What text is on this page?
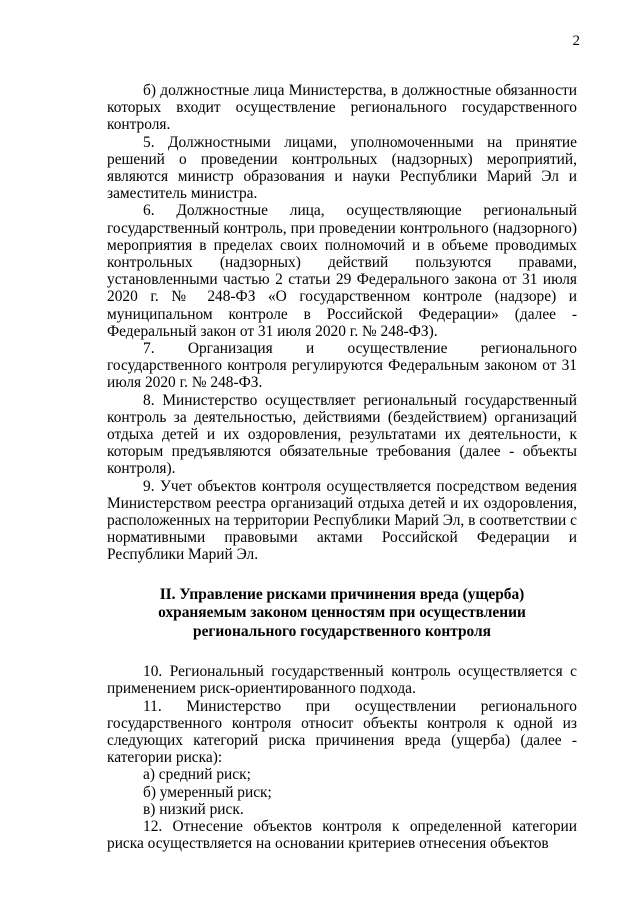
2

б) должностные лица Министерства, в должностные обязанности которых входит осуществление регионального государственного контроля.

5. Должностными лицами, уполномоченными на принятие решений о проведении контрольных (надзорных) мероприятий, являются министр образования и науки Республики Марий Эл и заместитель министра.

6. Должностные лица, осуществляющие региональный государственный контроль, при проведении контрольного (надзорного) мероприятия в пределах своих полномочий и в объеме проводимых контрольных (надзорных) действий пользуются правами, установленными частью 2 статьи 29 Федерального закона от 31 июля 2020 г. № 248-ФЗ «О государственном контроле (надзоре) и муниципальном контроле в Российской Федерации» (далее - Федеральный закон от 31 июля 2020 г. № 248-ФЗ).

7. Организация и осуществление регионального государственного контроля регулируются Федеральным законом от 31 июля 2020 г. № 248-ФЗ.

8. Министерство осуществляет региональный государственный контроль за деятельностью, действиями (бездействием) организаций отдыха детей и их оздоровления, результатами их деятельности, к которым предъявляются обязательные требования (далее - объекты контроля).

9. Учет объектов контроля осуществляется посредством ведения Министерством реестра организаций отдыха детей и их оздоровления, расположенных на территории Республики Марий Эл, в соответствии с нормативными правовыми актами Российской Федерации и Республики Марий Эл.

II. Управление рисками причинения вреда (ущерба)

охраняемым законом ценностям при осуществлении

регионального государственного контроля

10. Региональный государственный контроль осуществляется с применением риск-ориентированного подхода.

11. Министерство при осуществлении регионального государственного контроля относит объекты контроля к одной из следующих категорий риска причинения вреда (ущерба) (далее - категории риска):

а) средний риск;

б) умеренный риск;

в) низкий риск.

12. Отнесение объектов контроля к определенной категории риска осуществляется на основании критериев отнесения объектов
